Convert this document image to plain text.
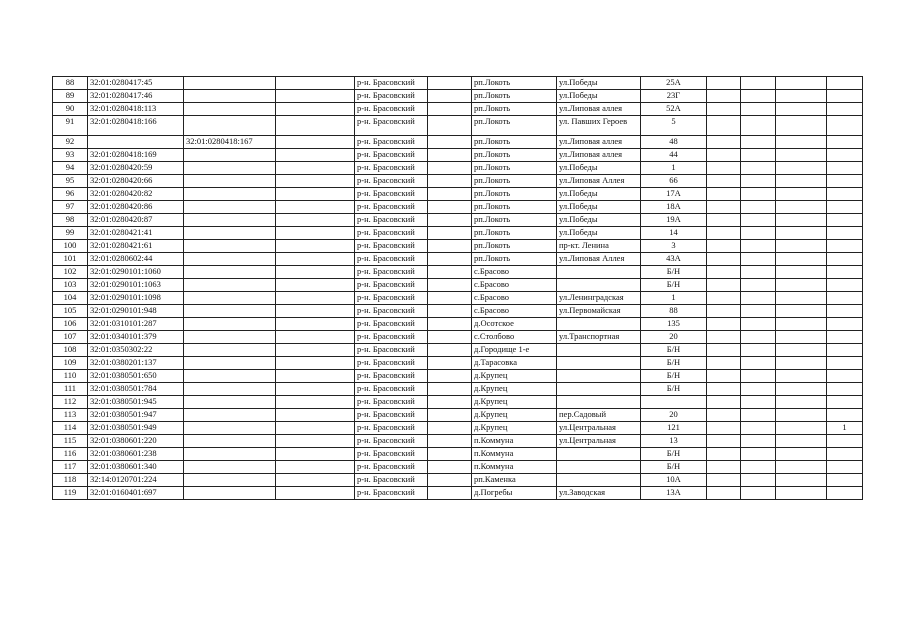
88	32:01:0280417:45			р-н. Брасовский		рп.Локоть	ул.Победы	25А				
89	32:01:0280417:46			р-н. Брасовский		рп.Локоть	ул.Победы	23Г				
90	32:01:0280418:113			р-н. Брасовский		рп.Локоть	ул.Липовая аллея	52А				
91	32:01:0280418:166			р-н. Брасовский		рп.Локоть	ул. Павших Героев	5				
92		32:01:0280418:167		р-н. Брасовский		рп.Локоть	ул.Липовая аллея	48				
93	32:01:0280418:169			р-н. Брасовский		рп.Локоть	ул.Липовая аллея	44				
94	32:01:0280420:59			р-н. Брасовский		рп.Локоть	ул.Победы	1				
95	32:01:0280420:66			р-н. Брасовский		рп.Локоть	ул.Липовая Аллея	66				
96	32:01:0280420:82			р-н. Брасовский		рп.Локоть	ул.Победы	17А				
97	32:01:0280420:86			р-н. Брасовский		рп.Локоть	ул.Победы	18А				
98	32:01:0280420:87			р-н. Брасовский		рп.Локоть	ул.Победы	19А				
99	32:01:0280421:41			р-н. Брасовский		рп.Локоть	ул.Победы	14				
100	32:01:0280421:61			р-н. Брасовский		рп.Локоть	пр-кт. Ленина	3				
101	32:01:0280602:44			р-н. Брасовский		рп.Локоть	ул.Липовая Аллея	43А				
102	32:01:0290101:1060			р-н. Брасовский		с.Брасово		Б/Н				
103	32:01:0290101:1063			р-н. Брасовский		с.Брасово		Б/Н				
104	32:01:0290101:1098			р-н. Брасовский		с.Брасово	ул.Ленинградская	1				
105	32:01:0290101:948			р-н. Брасовский		с.Брасово	ул.Первомайская	88				
106	32:01:0310101:287			р-н. Брасовский		д.Осотское		135				
107	32:01:0340101:379			р-н. Брасовский		с.Столбово	ул.Транспортная	20				
108	32:01:0350302:22			р-н. Брасовский		д.Городище 1-е		Б/Н				
109	32:01:0380201:137			р-н. Брасовский		д.Тарасовка		Б/Н				
110	32:01:0380501:650			р-н. Брасовский		д.Крупец		Б/Н				
111	32:01:0380501:784			р-н. Брасовский		д.Крупец		Б/Н				
112	32:01:0380501:945			р-н. Брасовский		д.Крупец						
113	32:01:0380501:947			р-н. Брасовский		д.Крупец	пер.Садовый	20				
114	32:01:0380501:949			р-н. Брасовский		д.Крупец	ул.Центральная	121				1
115	32:01:0380601:220			р-н. Брасовский		п.Коммуна	ул.Центральная	13				
116	32:01:0380601:238			р-н. Брасовский		п.Коммуна		Б/Н				
117	32:01:0380601:340			р-н. Брасовский		п.Коммуна		Б/Н				
118	32:14:0120701:224			р-н. Брасовский		рп.Каменка		10А				
119	32:01:0160401:697			р-н. Брасовский		д.Погребы	ул.Заводская	13А				
